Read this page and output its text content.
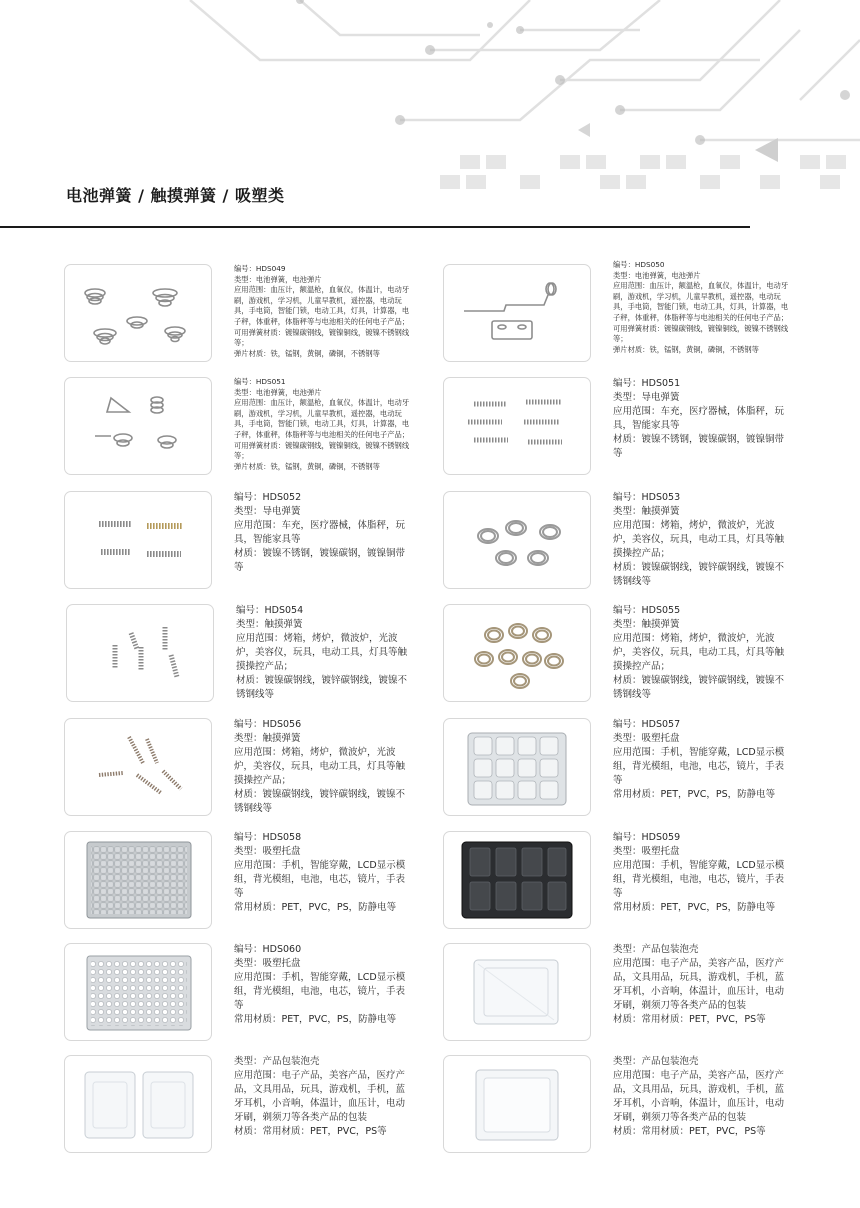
电池弹簧 / 触摸弹簧 / 吸塑类
编号：HDS049
类型：电池弹簧，电池弹片
应用范围：血压计，额温枪，血氧仪，体温计，电动牙刷，游戏机，学习机，儿童早教机，遥控器，电动玩具，手电筒，智能门锁，电动工具，灯具，计算器，电子秤，体重秤，体脂秤等与电池相关的任何电子产品；
可用弹簧材质：镀镍碳钢线，镀镍铜线，镀镍不锈钢线等；
弹片材质：铁，锰钢，黄铜，磷铜，不锈钢等
编号：HDS050
类型：电池弹簧，电池弹片
应用范围：血压计，额温枪，血氧仪，体温计，电动牙刷，游戏机，学习机，儿童早教机，遥控器，电动玩具，手电筒，智能门锁，电动工具，灯具，计算器，电子秤，体重秤，体脂秤等与电池相关的任何电子产品；
可用弹簧材质：镀镍碳钢线，镀镍铜线，镀镍不锈钢线等；
弹片材质：铁，锰钢，黄铜，磷铜，不锈钢等
编号：HDS051
类型：电池弹簧，电池弹片
应用范围：血压计，额温枪，血氧仪，体温计，电动牙刷，游戏机，学习机，儿童早教机，遥控器，电动玩具，手电筒，智能门锁，电动工具，灯具，计算器，电子秤，体重秤，体脂秤等与电池相关的任何电子产品；
可用弹簧材质：镀镍碳钢线，镀镍铜线，镀镍不锈钢线等；
弹片材质：铁，锰钢，黄铜，磷铜，不锈钢等
编号：HDS051
类型：导电弹簧
应用范围：车充，医疗器械，体脂秤，玩具，智能家具等
材质：镀镍不锈钢，镀镍碳钢，镀镍铜带等
编号：HDS052
类型：导电弹簧
应用范围：车充，医疗器械，体脂秤，玩具，智能家具等
材质：镀镍不锈钢，镀镍碳钢，镀镍铜带等
编号：HDS053
类型：触摸弹簧
应用范围：烤箱，烤炉，微波炉，光波炉，美容仪，玩具，电动工具，灯具等触摸操控产品；
材质：镀镍碳钢线，镀锌碳钢线，镀镍不锈钢线等
编号：HDS054
类型：触摸弹簧
应用范围：烤箱，烤炉，微波炉，光波炉，美容仪，玩具，电动工具，灯具等触摸操控产品；
材质：镀镍碳钢线，镀锌碳钢线，镀镍不锈钢线等
编号：HDS055
类型：触摸弹簧
应用范围：烤箱，烤炉，微波炉，光波炉，美容仪，玩具，电动工具，灯具等触摸操控产品；
材质：镀镍碳钢线，镀锌碳钢线，镀镍不锈钢线等
编号：HDS056
类型：触摸弹簧
应用范围：烤箱，烤炉，微波炉，光波炉，美容仪，玩具，电动工具，灯具等触摸操控产品；
材质：镀镍碳钢线，镀锌碳钢线，镀镍不锈钢线等
编号：HDS057
类型：吸塑托盘
应用范围：手机，智能穿戴，LCD显示模组，背光模组，电池，电芯，镜片，手表等
常用材质：PET，PVC，PS，防静电等
编号：HDS058
类型：吸塑托盘
应用范围：手机，智能穿戴，LCD显示模组，背光模组，电池，电芯，镜片，手表等
常用材质：PET，PVC，PS，防静电等
编号：HDS059
类型：吸塑托盘
应用范围：手机，智能穿戴，LCD显示模组，背光模组，电池，电芯，镜片，手表等
常用材质：PET，PVC，PS，防静电等
编号：HDS060
类型：吸塑托盘
应用范围：手机，智能穿戴，LCD显示模组，背光模组，电池，电芯，镜片，手表等
常用材质：PET，PVC，PS，防静电等
类型：产品包装泡壳
应用范围：电子产品，美容产品，医疗产品，文具用品，玩具，游戏机，手机，蓝牙耳机，小音响，体温计，血压计，电动牙刷，剃须刀等各类产品的包装
材质：常用材质：PET，PVC，PS等
类型：产品包装泡壳
应用范围：电子产品，美容产品，医疗产品，文具用品，玩具，游戏机，手机，蓝牙耳机，小音响，体温计，血压计，电动牙刷，剃须刀等各类产品的包装
材质：常用材质：PET，PVC，PS等
类型：产品包装泡壳
应用范围：电子产品，美容产品，医疗产品，文具用品，玩具，游戏机，手机，蓝牙耳机，小音响，体温计，血压计，电动牙刷，剃须刀等各类产品的包装
材质：常用材质：PET，PVC，PS等
